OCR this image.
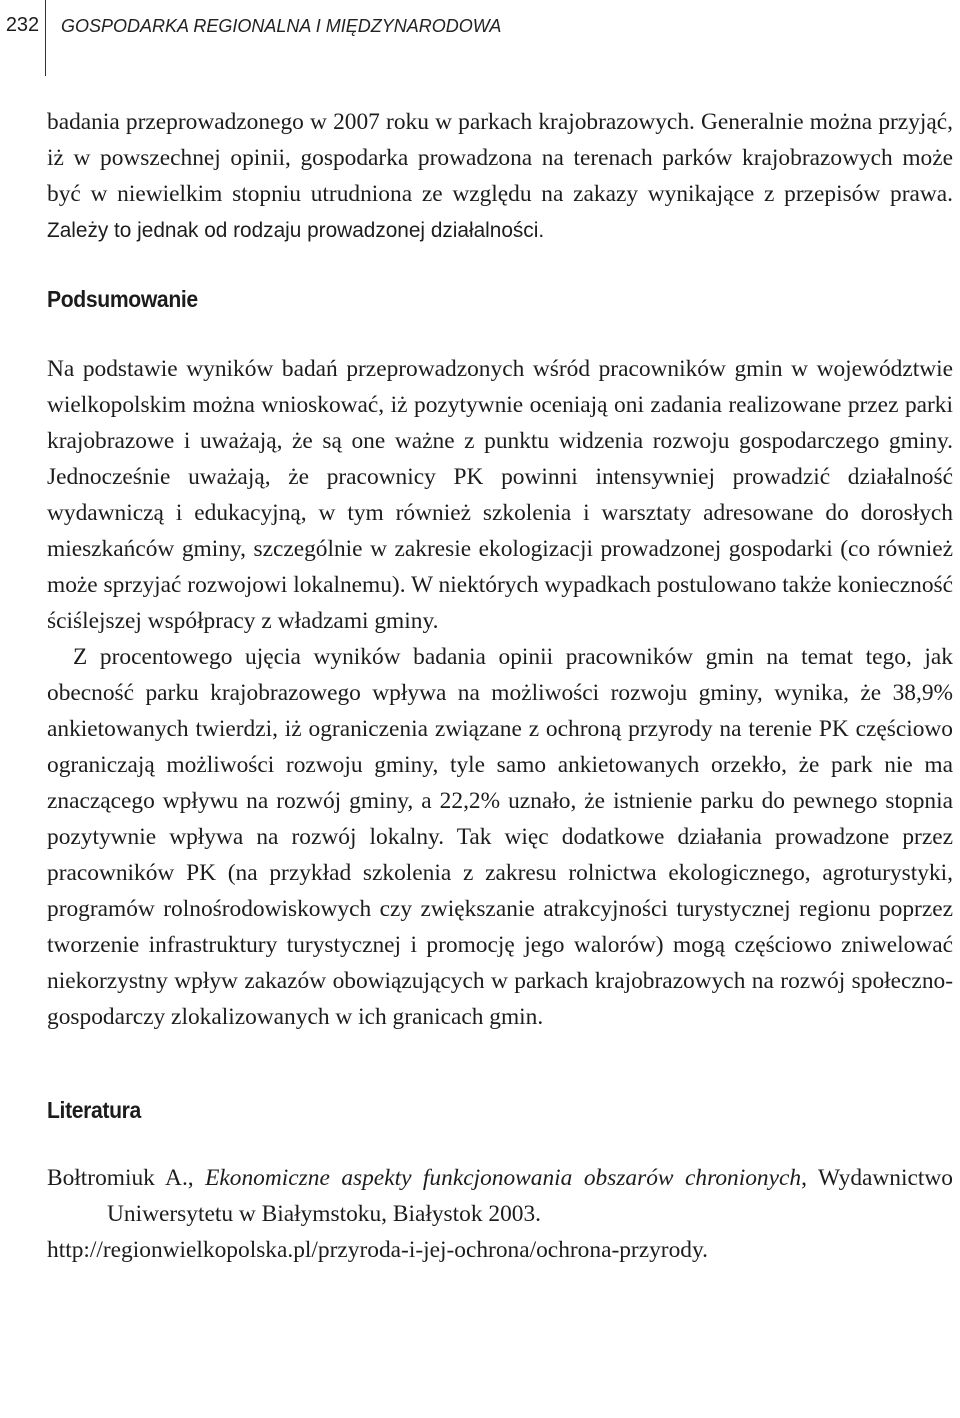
232	GOSPODARKA REGIONALNA I MIĘDZYNARODOWA

badania przeprowadzonego w 2007 roku w parkach krajobrazowych. Generalnie można przyjąć, iż w powszechnej opinii, gospodarka prowadzona na terenach parków krajobrazowych może być w niewielkim stopniu utrudniona ze względu na zakazy wynikające z przepisów prawa. Zależy to jednak od rodzaju prowadzonej działalności.

Podsumowanie

Na podstawie wyników badań przeprowadzonych wśród pracowników gmin w województwie wielkopolskim można wnioskować, iż pozytywnie oceniają oni zadania realizowane przez parki krajobrazowe i uważają, że są one ważne z punktu widzenia rozwoju gospodarczego gminy. Jednocześnie uważają, że pracownicy PK powinni intensywniej prowadzić działalność wydawniczą i edukacyjną, w tym również szkolenia i warsztaty adresowane do dorosłych mieszkańców gminy, szczególnie w zakresie ekologizacji prowadzonej gospodarki (co również może sprzyjać rozwojowi lokalnemu). W niektórych wypadkach postulowano także konieczność ściślejszej współpracy z władzami gminy.

Z procentowego ujęcia wyników badania opinii pracowników gmin na temat tego, jak obecność parku krajobrazowego wpływa na możliwości rozwoju gminy, wynika, że 38,9% ankietowanych twierdzi, iż ograniczenia związane z ochroną przyrody na terenie PK częściowo ograniczają możliwości rozwoju gminy, tyle samo ankietowanych orzekło, że park nie ma znaczącego wpływu na rozwój gminy, a 22,2% uznało, że istnienie parku do pewnego stopnia pozytywnie wpływa na rozwój lokalny. Tak więc dodatkowe działania prowadzone przez pracowników PK (na przykład szkolenia z zakresu rolnictwa ekologicznego, agroturystyki, programów rolnośrodowiskowych czy zwiększanie atrakcyjności turystycznej regionu poprzez tworzenie infrastruktury turystycznej i promocję jego walorów) mogą częściowo zniwelować niekorzystny wpływ zakazów obowiązujących w parkach krajobrazowych na rozwój społeczno-gospodarczy zlokalizowanych w ich granicach gmin.

Literatura
Bołtromiuk A., Ekonomiczne aspekty funkcjonowania obszarów chronionych, Wydawnictwo Uniwersytetu w Białymstoku, Białystok 2003.
http://regionwielkopolska.pl/przyroda-i-jej-ochrona/ochrona-przyrody.
